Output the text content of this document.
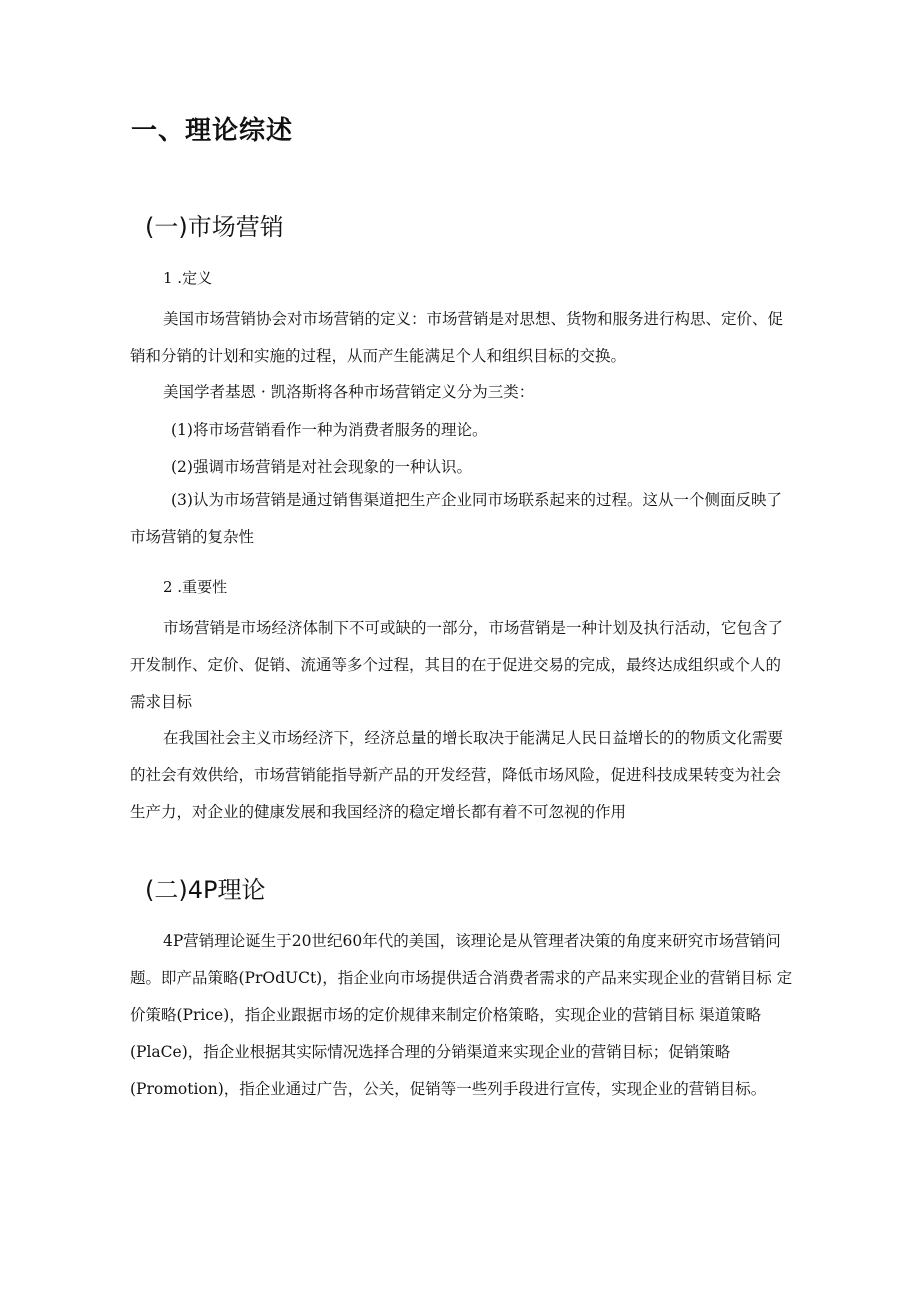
一、理论综述
(一)市场营销
1 .定义
美国市场营销协会对市场营销的定义：市场营销是对思想、货物和服务进行构思、定价、促销和分销的计划和实施的过程，从而产生能满足个人和组织目标的交换。
美国学者基恩 · 凯洛斯将各种市场营销定义分为三类：
(1)将市场营销看作一种为消费者服务的理论。
(2)强调市场营销是对社会现象的一种认识。
(3)认为市场营销是通过销售渠道把生产企业同市场联系起来的过程。这从一个侧面反映了市场营销的复杂性
2 .重要性
市场营销是市场经济体制下不可或缺的一部分，市场营销是一种计划及执行活动，它包含了开发制作、定价、促销、流通等多个过程，其目的在于促进交易的完成，最终达成组织或个人的需求目标
在我国社会主义市场经济下，经济总量的增长取决于能满足人民日益增长的的物质文化需要的社会有效供给，市场营销能指导新产品的开发经营，降低市场风险，促进科技成果转变为社会生产力，对企业的健康发展和我国经济的稳定增长都有着不可忽视的作用
(二)4P理论
4P营销理论诞生于20世纪60年代的美国，该理论是从管理者决策的角度来研究市场营销问题。即产品策略(PrOdUCt)，指企业向市场提供适合消费者需求的产品来实现企业的营销目标 定价策略(Price)，指企业跟据市场的定价规律来制定价格策略，实现企业的营销目标 渠道策略(PlaCe)，指企业根据其实际情况选择合理的分销渠道来实现企业的营销目标；促销策略(Promotion)，指企业通过广告，公关，促销等一些列手段进行宣传，实现企业的营销目标。
